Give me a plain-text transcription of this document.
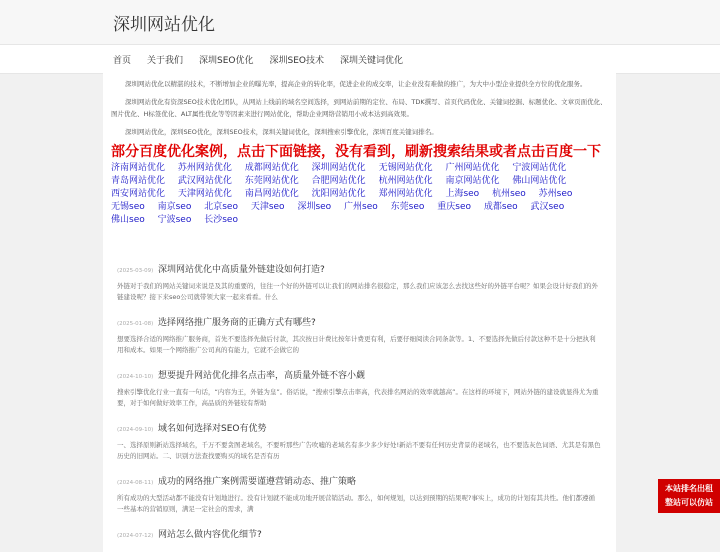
深圳网站优化
首页	关于我们	深圳SEO优化	深圳SEO技术	深圳关键词优化

深圳网站优化以精湛的技术，不断增加企业的曝光率，提高企业的转化率，促进企业的成交率，让企业没有难做的推广，为大中小型企业提供全方位的优化服务。

深圳网站优化有资深SEO技术优化团队，从网站上线前的域名空间选择，到网站前期的定位、布局、TDK撰写、首页代码优化、关键词挖掘、标题优化、文章页面优化、图片优化、H标签优化、ALT属性优化等等因素来进行网站优化，帮助企业网络营销用小成本达到高效果。

深圳网站优化，深圳SEO优化，深圳SEO技术，深圳关键词优化，深圳搜索引擎优化，深圳百度关键词排名。

部分百度优化案例，点击下面链接，没有看到，刷新搜索结果或者点击百度一下
济南网站优化 苏州网站优化 成都网站优化 深圳网站优化 无锡网站优化 广州网站优化 宁波网站优化 青岛网站优化 武汉网站优化 东莞网站优化 合肥网站优化 杭州网站优化 南京网站优化 佛山网站优化 西安网站优化 天津网站优化 南昌网站优化 沈阳网站优化 郑州网站优化 上海seo 杭州seo 苏州seo 无锡seo 南京seo 北京seo 天津seo 深圳seo 广州seo 东莞seo 重庆seo 成都seo 武汉seo 佛山seo 宁波seo 长沙seo
(2025-03-09) 深圳网站优化中高质量外链建设如何打造?
外链对于我们的网站关键词来说是及其的重要的，往往一个好的外链可以让我们的网站排名很稳定，那么我们应该怎么去找这些好的外链平台呢？如果会设计好我们的外链建设呢？接下来seo公司就带领大家一起来看看。什么
(2025-01-08) 选择网络推广服务商的正确方式有哪些?
想要选择合适的网络推广服务商，首先不要选择先做后付款，其次按日计费比按年计费更有利，后要仔细阅读合同条款等。1、不要选择先做后付款这种不是十分把执利用和成本。如果一个网络推广公司真的有能力，它就不会做它的
(2024-10-10) 想要提升网站优化排名点击率，高质量外链不容小觑
搜索引擎优化行业一直有一句话，“内容为王，外链为皇”。俗话说，“搜索引擎点击率高，代表排名网站的效率就越高”。在这样的环境下，网站外链的建设就显得尤为重要，对于如何做好效率工作，高品质的外链较有帮助
(2024-09-10) 域名如何选择对SEO有优势
一、选择原则新站选择域名，千万不要贪图老域名，不要听那些广告吹嘘的老域名有多少多少好处!新站不要有任何历史背景的老域名，也不要选灰色词语、尤其是有黑色历史的旧网站。二、识别方法查找要购买的域名是否有历
(2024-08-11) 成功的网络推广案例需要谨遵营销动态、推广策略
所有成功的大型活动都不能没有计划地进行。没有计划就不能成功地开展营销活动。那么，如何规划，以达到预期的结果呢?事实上，成功的计划有其共性。他们都遵循一些基本的营销原则，满足一定社会的需求，满
(2024-07-12) 网站怎么做内容优化细节?
本站排名出租
整站可以仿站
